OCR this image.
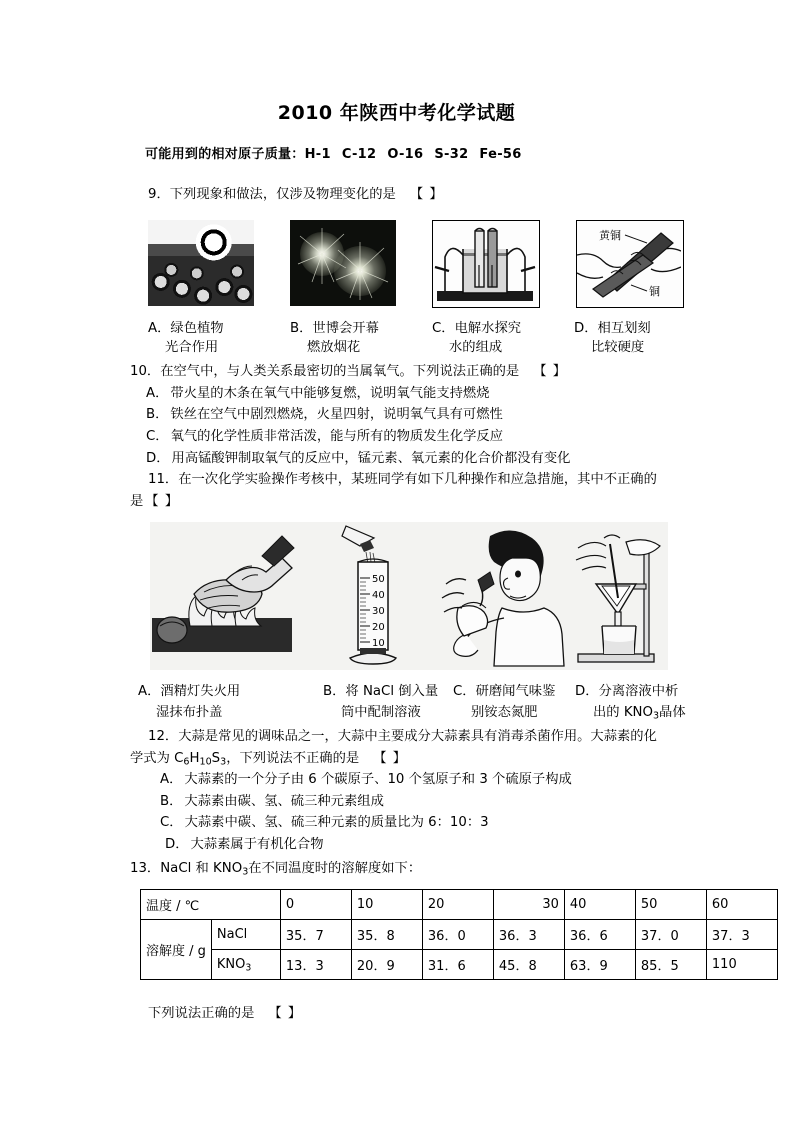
2010 年陕西中考化学试题
可能用到的相对原子质量：H-1 C-12 O-16 S-32 Fe-56
9．下列现象和做法，仅涉及物理变化的是 【 】
黄铜
铜
A．绿色植物
光合作用
B．世博会开幕
燃放烟花
C．电解水探究
水的组成
D．相互划刻
比较硬度
10．在空气中，与人类关系最密切的当属氧气。下列说法正确的是 【 】
A． 带火星的木条在氧气中能够复燃，说明氧气能支持燃烧
B． 铁丝在空气中剧烈燃烧，火星四射，说明氧气具有可燃性
C． 氧气的化学性质非常活泼，能与所有的物质发生化学反应
D． 用高锰酸钾制取氧气的反应中，锰元素、氧元素的化合价都没有变化
11．在一次化学实验操作考核中，某班同学有如下几种操作和应急措施，其中不正确的
是 【 】
50
40
30
20
10
A．酒精灯失火用
湿抹布扑盖
B．将 NaCl 倒入量
筒中配制溶液
C．研磨闻气味鉴
别铵态氮肥
D．分离溶液中析
出的 $KNO_3$晶体
12．大蒜是常见的调味品之一，大蒜中主要成分大蒜素具有消毒杀菌作用。大蒜素的化
学式为 $C_6H_{10}S_3$，下列说法不正确的是 【 】
A． 大蒜素的一个分子由 6 个碳原子、10 个氢原子和 3 个硫原子构成
B． 大蒜素由碳、氢、硫三种元素组成
C． 大蒜素中碳、氢、硫三种元素的质量比为 6：10：3
D． 大蒜素属于有机化合物
13．NaCl 和 $KNO_3$在不同温度时的溶解度如下：
温度 / ℃		0	10	20	30	40	50	60
溶解度 / g	NaCl	35．7	35．8	36．0	36．3	36．6	37．0	37．3
	$KNO_3$	13．3	20．9	31．6	45．8	63．9	85．5	110
下列说法正确的是 【 】
